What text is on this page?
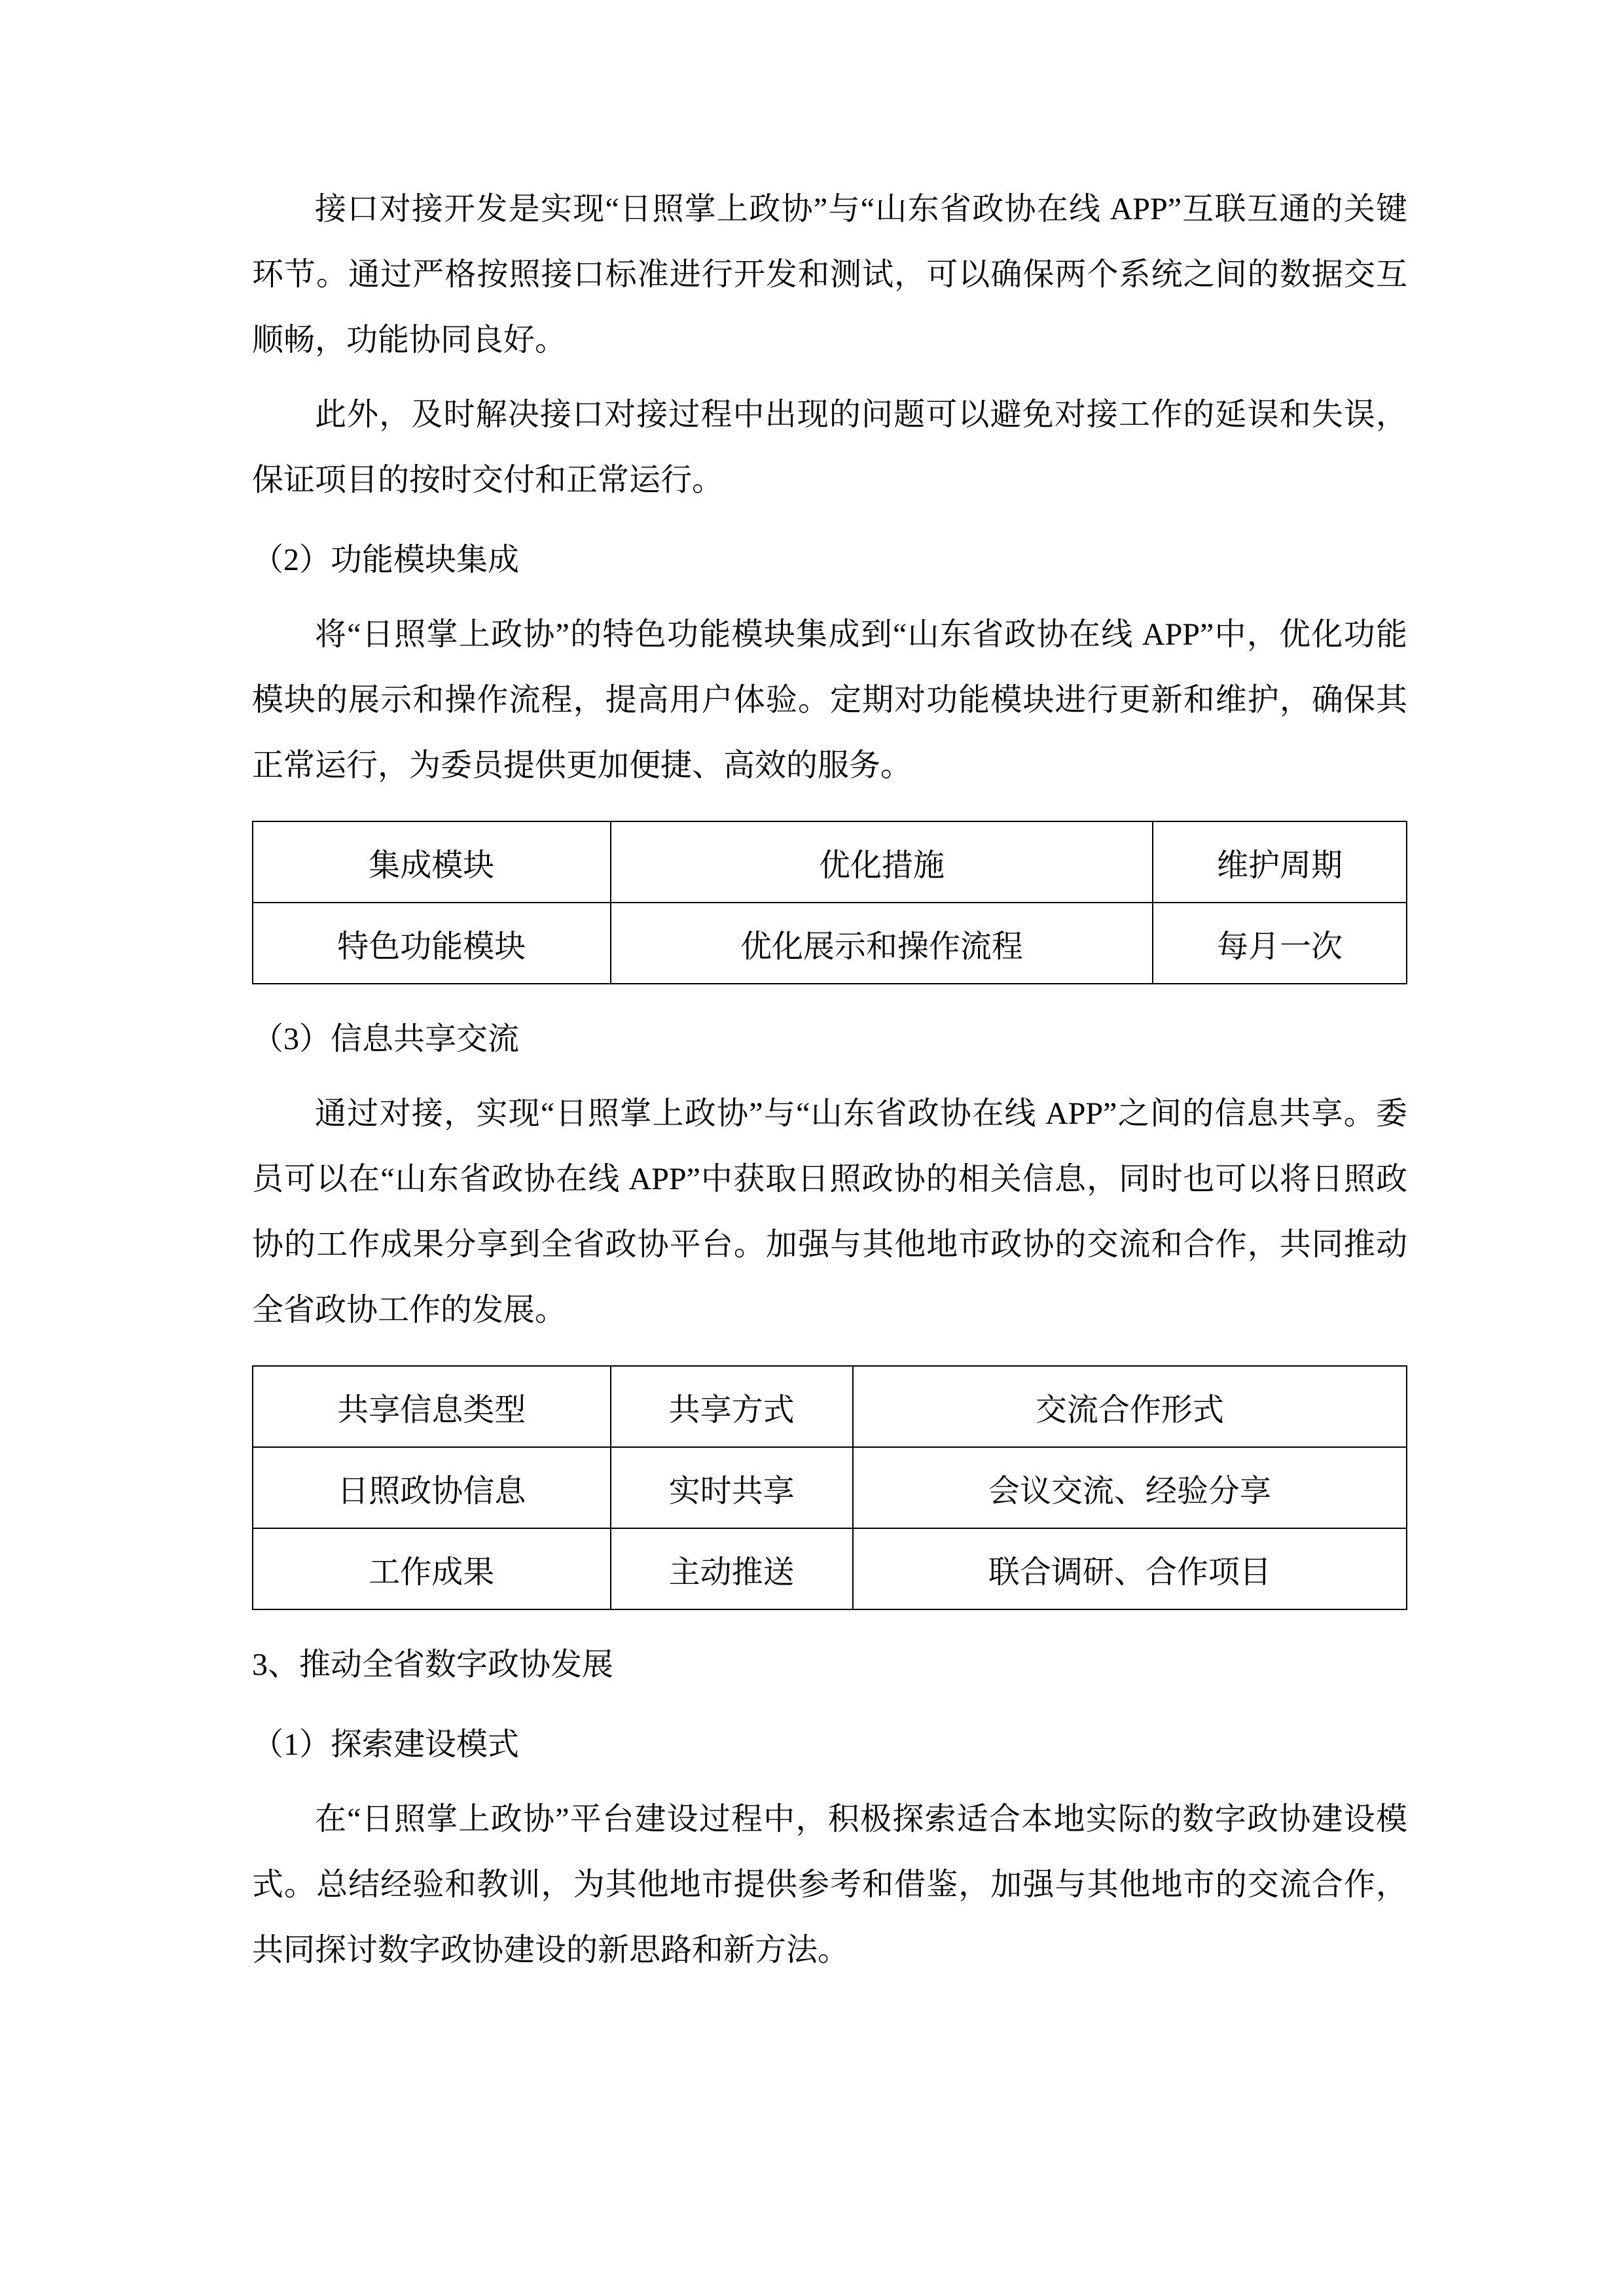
接口对接开发是实现“日照掌上政协”与“山东省政协在线 APP”互联互通的关键环节。通过严格按照接口标准进行开发和测试，可以确保两个系统之间的数据交互顺畅，功能协同良好。

此外，及时解决接口对接过程中出现的问题可以避免对接工作的延误和失误，保证项目的按时交付和正常运行。

（2）功能模块集成

将“日照掌上政协”的特色功能模块集成到“山东省政协在线 APP”中，优化功能模块的展示和操作流程，提高用户体验。定期对功能模块进行更新和维护，确保其正常运行，为委员提供更加便捷、高效的服务。

集成模块	优化措施	维护周期
特色功能模块	优化展示和操作流程	每月一次

（3）信息共享交流

通过对接，实现“日照掌上政协”与“山东省政协在线 APP”之间的信息共享。委员可以在“山东省政协在线 APP”中获取日照政协的相关信息，同时也可以将日照政协的工作成果分享到全省政协平台。加强与其他地市政协的交流和合作，共同推动全省政协工作的发展。

共享信息类型	共享方式	交流合作形式
日照政协信息	实时共享	会议交流、经验分享
工作成果	主动推送	联合调研、合作项目

3、推动全省数字政协发展

（1）探索建设模式

在“日照掌上政协”平台建设过程中，积极探索适合本地实际的数字政协建设模式。总结经验和教训，为其他地市提供参考和借鉴，加强与其他地市的交流合作，共同探讨数字政协建设的新思路和新方法。
